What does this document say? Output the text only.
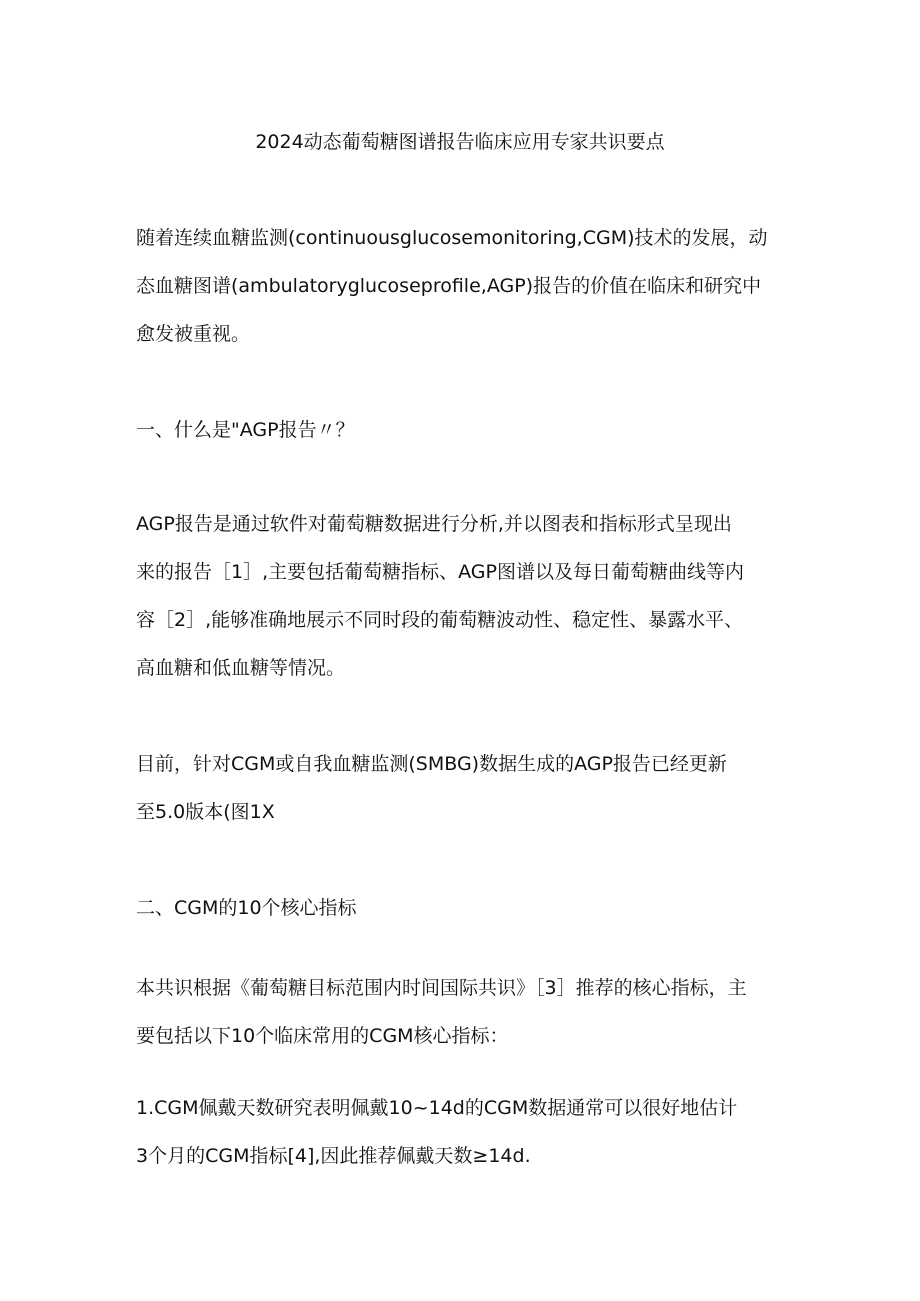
2024动态葡萄糖图谱报告临床应用专家共识要点

随着连续血糖监测(continuousglucosemonitoring,CGM)技术的发展，动
态血糖图谱(ambulatoryglucoseprofile,AGP)报告的价值在临床和研究中
愈发被重视。

一、什么是"AGP报告〃？

AGP报告是通过软件对葡萄糖数据进行分析,并以图表和指标形式呈现出
来的报告［1］,主要包括葡萄糖指标、AGP图谱以及每日葡萄糖曲线等内
容［2］,能够准确地展示不同时段的葡萄糖波动性、稳定性、暴露水平、
高血糖和低血糖等情况。

目前，针对CGM或自我血糖监测(SMBG)数据生成的AGP报告已经更新
至5.0版本(图1X

二、CGM的10个核心指标

本共识根据《葡萄糖目标范围内时间国际共识》［3］推荐的核心指标，主
要包括以下10个临床常用的CGM核心指标：

1.CGM佩戴天数研究表明佩戴10~14d的CGM数据通常可以很好地估计
3个月的CGM指标[4],因此推荐佩戴天数≥14d.
